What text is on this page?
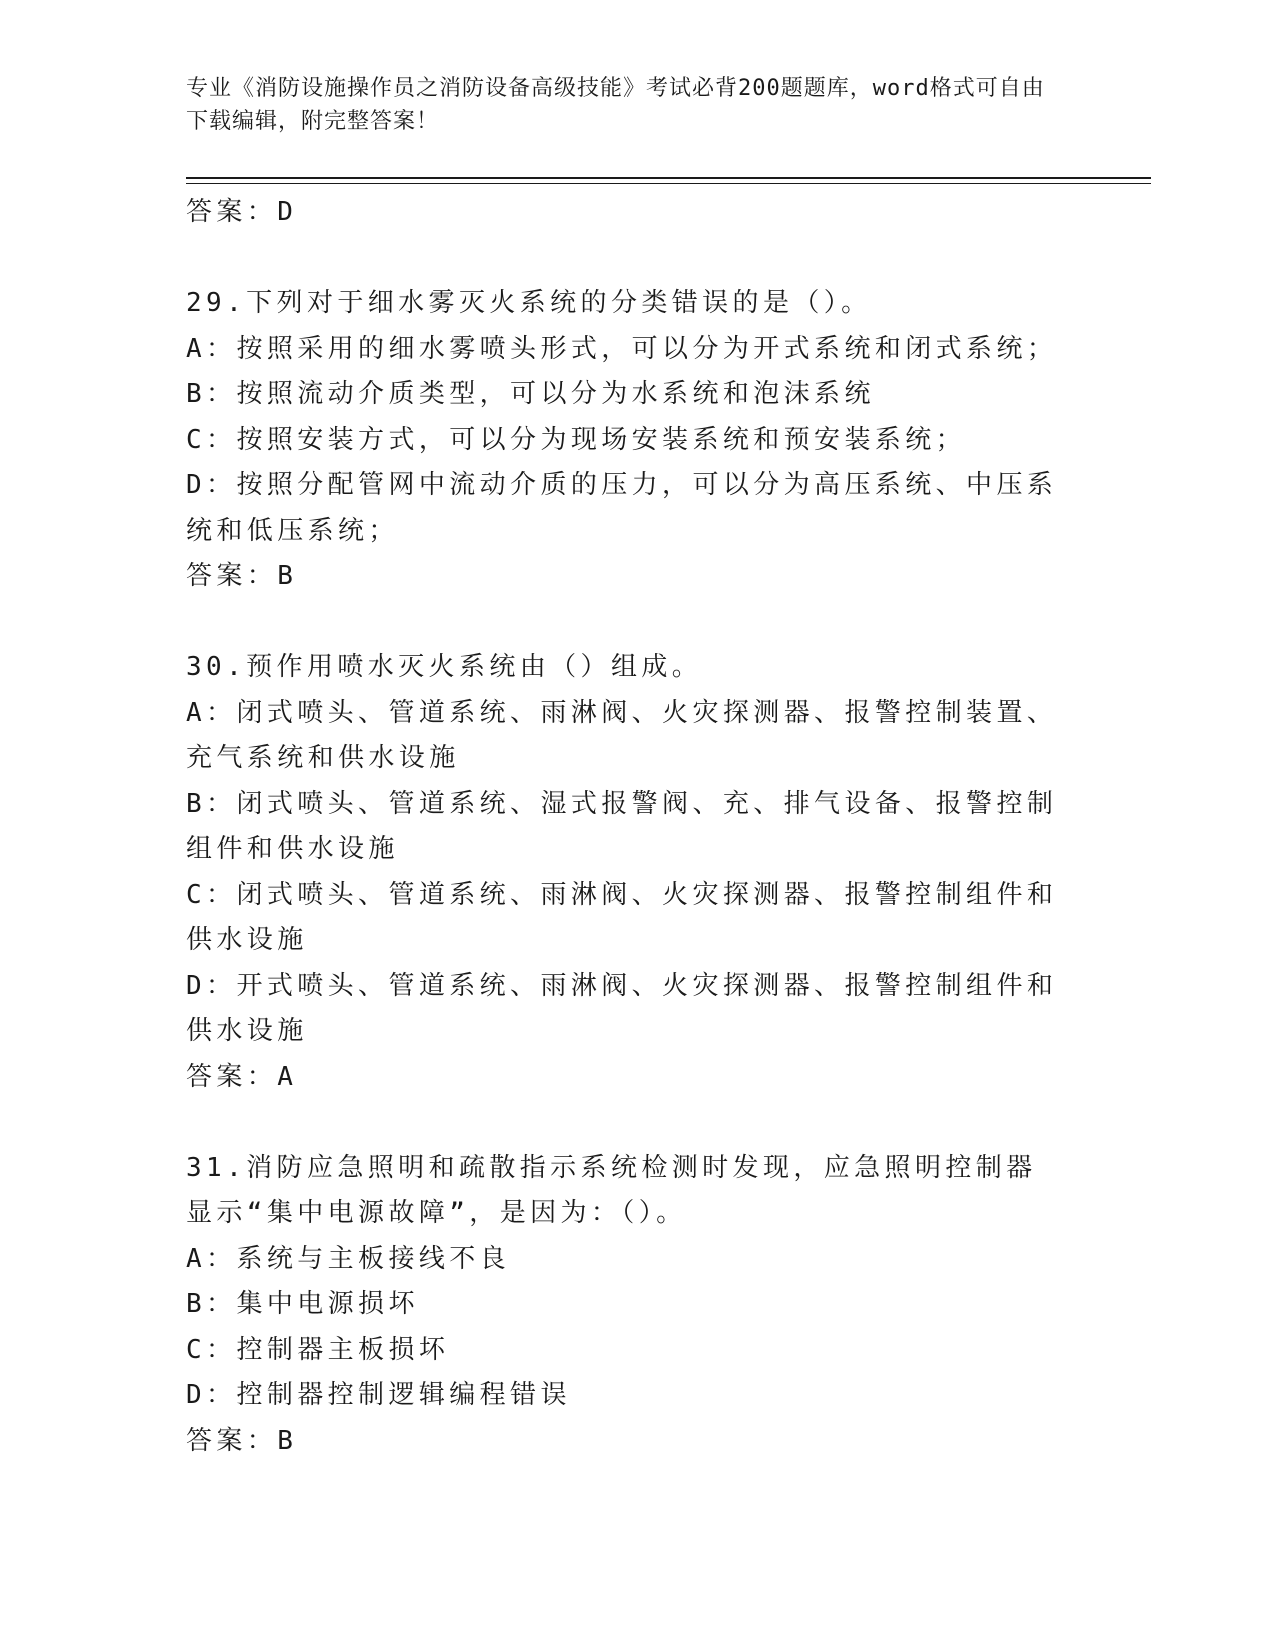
专业《消防设施操作员之消防设备高级技能》考试必背200题题库，word格式可自由下载编辑，附完整答案！

答案：D

29.下列对于细水雾灭火系统的分类错误的是（）。

A：按照采用的细水雾喷头形式，可以分为开式系统和闭式系统；

B：按照流动介质类型，可以分为水系统和泡沫系统

C：按照安装方式，可以分为现场安装系统和预安装系统；

D：按照分配管网中流动介质的压力，可以分为高压系统、中压系统和低压系统；

答案：B

30.预作用喷水灭火系统由（）组成。

A：闭式喷头、管道系统、雨淋阀、火灾探测器、报警控制装置、充气系统和供水设施

B：闭式喷头、管道系统、湿式报警阀、充、排气设备、报警控制组件和供水设施

C：闭式喷头、管道系统、雨淋阀、火灾探测器、报警控制组件和供水设施

D：开式喷头、管道系统、雨淋阀、火灾探测器、报警控制组件和供水设施

答案：A

31.消防应急照明和疏散指示系统检测时发现，应急照明控制器显示“集中电源故障”，是因为：（）。

A：系统与主板接线不良

B：集中电源损坏

C：控制器主板损坏

D：控制器控制逻辑编程错误

答案：B
